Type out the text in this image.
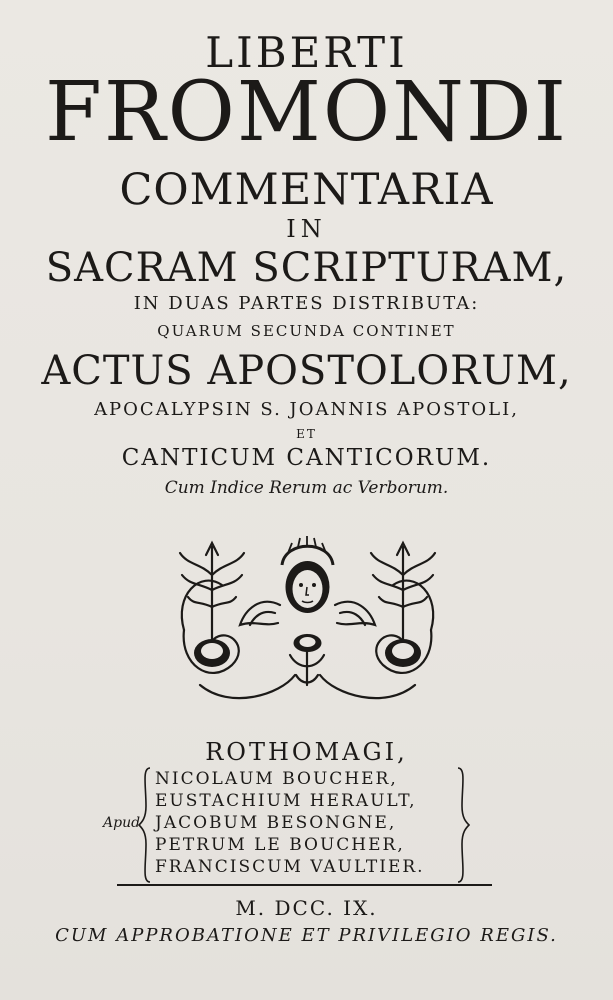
LIBERTI
FROMONDI
COMMENTARIA
IN
SACRAM SCRIPTURAM,
IN DUAS PARTES DISTRIBUTA:
QUARUM SECUNDA CONTINET
ACTUS APOSTOLORUM,
APOCALYPSIN S. JOANNIS APOSTOLI,
ET
CANTICUM CANTICORUM.
Cum Indice Rerum ac Verborum.
ROTHOMAGI,
Apud
NICOLAUM BOUCHER,
EUSTACHIUM HERAULT,
JACOBUM BESONGNE,
PETRUM LE BOUCHER,
FRANCISCUM VAULTIER.
M. DCC. IX.
CUM APPROBATIONE ET PRIVILEGIO REGIS.
